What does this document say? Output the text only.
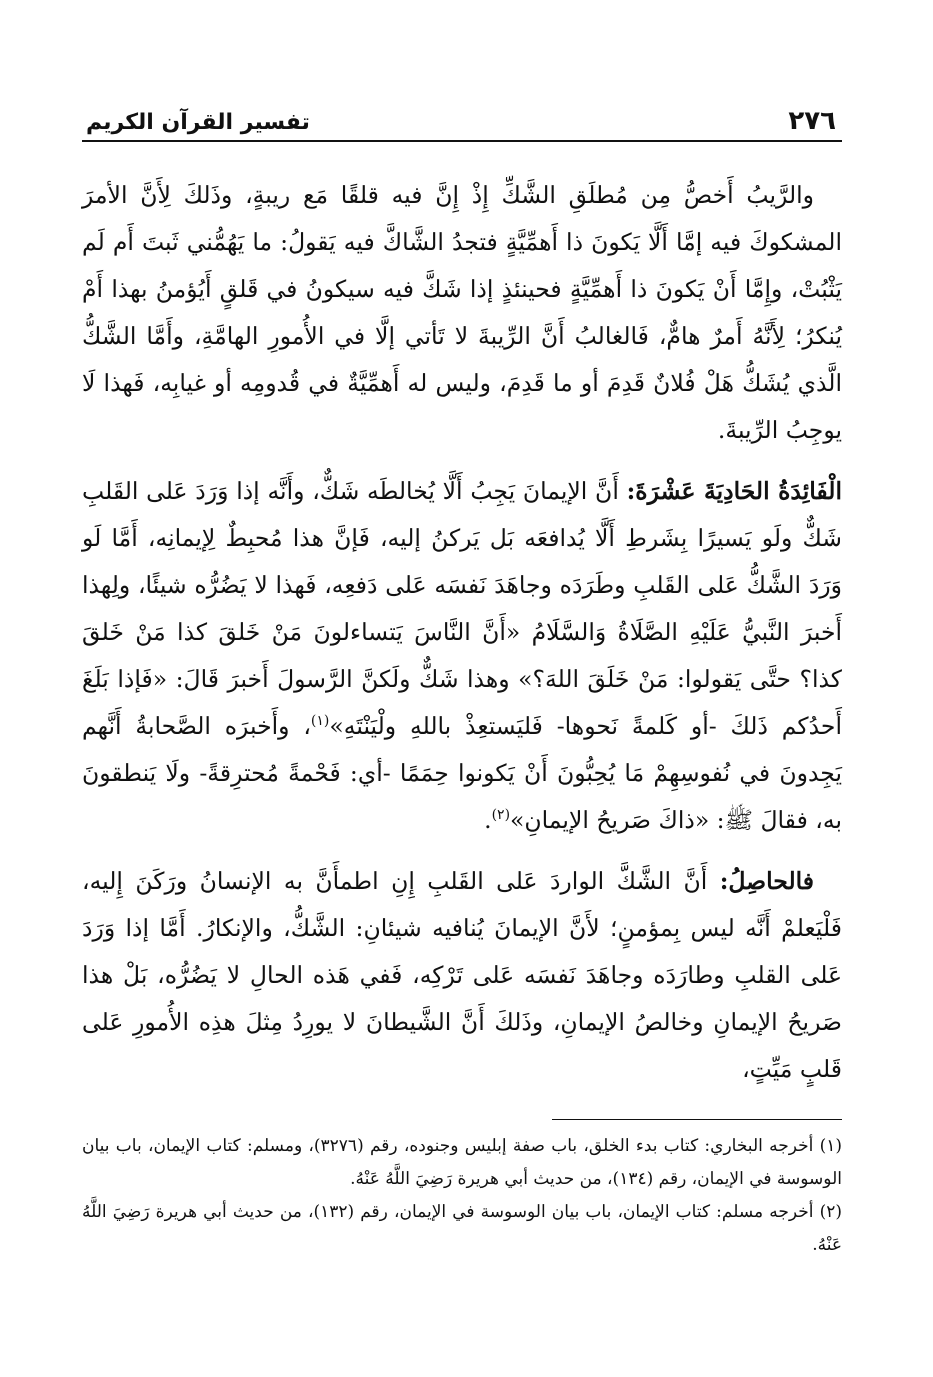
٢٧٦
تفسير القرآن الكريم

والرَّيبُ أَخصُّ مِن مُطلَقِ الشَّكِّ إِذْ إِنَّ فيه قلقًا مَع ريبةٍ، وذَلكَ لِأَنَّ الأمرَ المشكوكَ فيه إمَّا أَلَّا يَكونَ ذا أَهمِّيَّةٍ فتجدُ الشَّاكَّ فيه يَقولُ: ما يَهُمُّني ثَبتَ أَم لَم يَثْبُتْ، وإِمَّا أَنْ يَكونَ ذا أَهمِّيَّةٍ فحينئذٍ إذا شَكَّ فيه سيكونُ في قَلقٍ أَيُؤمنُ بهذا أَمْ يُنكرُ؛ لِأَنَّهُ أَمرٌ هامٌّ، فَالغالبُ أَنَّ الرِّيبةَ لا تَأتي إلَّا في الأُمورِ الهامَّةِ، وأَمَّا الشَّكُّ الَّذي يُشَكُّ هَلْ فُلانٌ قَدِمَ أو ما قَدِمَ، وليس له أَهمِّيَّةٌ في قُدومِه أو غيابِه، فَهذا لَا يوجِبُ الرِّيبةَ.

الْفَائِدَةُ الحَادِيَةَ عَشْرَةَ: أَنَّ الإيمانَ يَجِبُ أَلَّا يُخالطَه شَكٌّ، وأَنَّه إذا وَرَدَ عَلى القَلبِ شَكٌّ ولَو يَسيرًا بِشَرطِ أَلَّا يُدافعَه بَل يَركنُ إليه، فَإنَّ هذا مُحبِطٌ لِإيمانِه، أَمَّا لَو وَرَدَ الشَّكُّ عَلى القَلبِ وطَرَدَه وجاهَدَ نَفسَه عَلى دَفعِه، فَهذا لا يَضُرُّه شيئًا، ولِهذا أَخبرَ النَّبيُّ عَلَيْهِ الصَّلَاةُ وَالسَّلَامُ «أَنَّ النَّاسَ يَتساءلونَ مَنْ خَلقَ كذا مَنْ خَلقَ كذا؟ حتَّى يَقولوا: مَنْ خَلَقَ اللهَ؟» وهذا شَكٌّ ولَكنَّ الرَّسولَ أَخبرَ قَالَ: «فَإذا بَلَغَ أَحدُكم ذَلكَ -أو كَلمةً نَحوها- فَليَستعِذْ باللهِ ولْيَنْتَهِ»$^{(١)}$، وأَخبرَه الصَّحابةُ أَنَّهم يَجِدونَ في نُفوسِهِمْ مَا يُحِبُّونَ أَنْ يَكونوا حِمَمًا -أي: فَحْمةً مُحترِقةً- ولَا يَنطقونَ به، فقالَ ﷺ: «ذاكَ صَريحُ الإيمانِ»$^{(٢)}$.

فالحاصِلُ: أَنَّ الشَّكَّ الواردَ عَلى القَلبِ إِنِ اطمأَنَّ به الإنسانُ ورَكَنَ إِليه، فَلْيَعلمْ أَنَّه ليس بِمؤمنٍ؛ لأَنَّ الإيمانَ يُنافيه شيئانِ: الشَّكُّ، والإنكارُ. أَمَّا إذا وَرَدَ عَلى القلبِ وطارَدَه وجاهَدَ نَفسَه عَلى تَرْكِه، فَفي هَذه الحالِ لا يَضُرُّه، بَلْ هذا صَريحُ الإيمانِ وخالصُ الإيمانِ، وذَلكَ أَنَّ الشَّيطانَ لا يورِدُ مِثلَ هذِه الأُمورِ عَلى قَلبٍ مَيِّتٍ،

(١) أخرجه البخاري: كتاب بدء الخلق، باب صفة إبليس وجنوده، رقم (٣٢٧٦)، ومسلم: كتاب الإيمان، باب بيان الوسوسة في الإيمان، رقم (١٣٤)، من حديث أبي هريرة رَضِيَ اللَّهُ عَنْهُ.

(٢) أخرجه مسلم: كتاب الإيمان، باب بيان الوسوسة في الإيمان، رقم (١٣٢)، من حديث أبي هريرة رَضِيَ اللَّهُ عَنْهُ.
